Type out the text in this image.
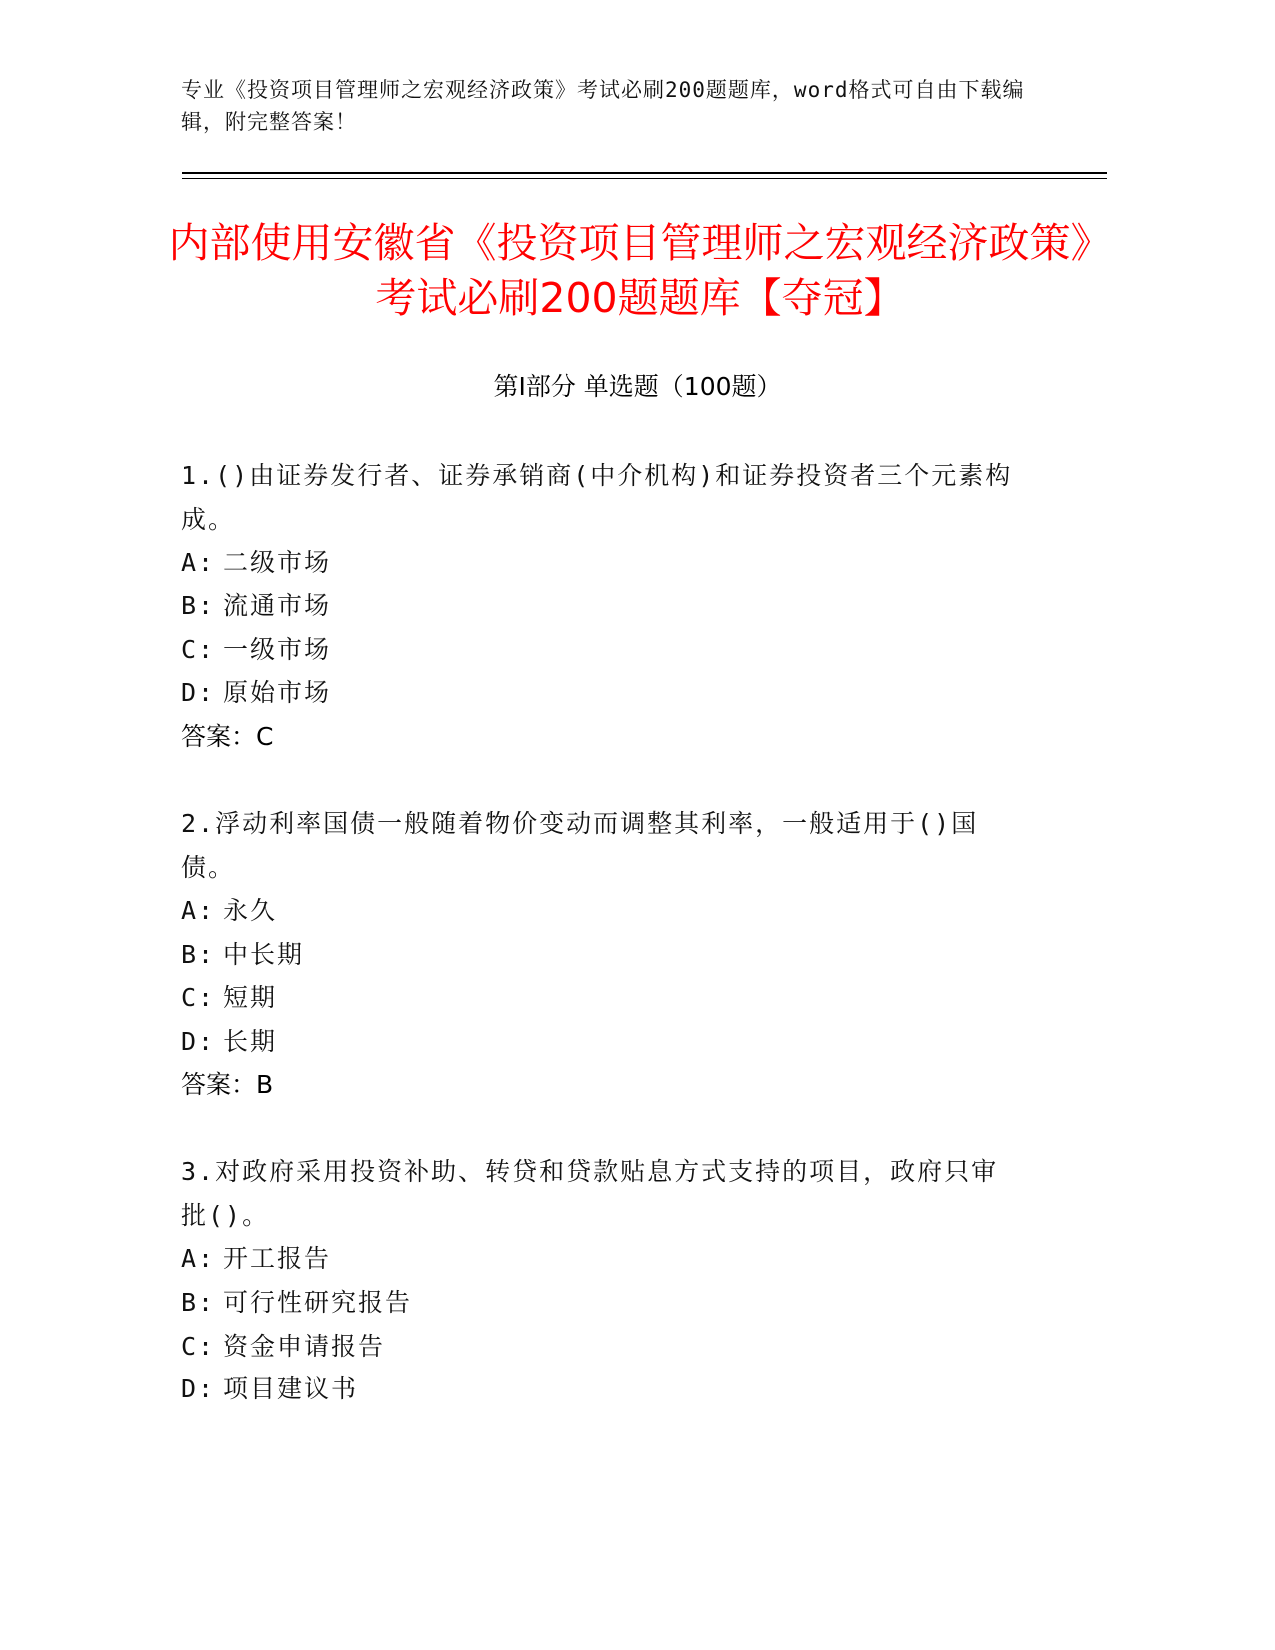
专业《投资项目管理师之宏观经济政策》考试必刷200题题库，word格式可自由下载编辑，附完整答案！
内部使用安徽省《投资项目管理师之宏观经济政策》考试必刷200题题库【夺冠】
第Ⅰ部分 单选题（100题）
1.()由证券发行者、证券承销商(中介机构)和证券投资者三个元素构成。
A: 二级市场
B: 流通市场
C: 一级市场
D: 原始市场
答案：C
2.浮动利率国债一般随着物价变动而调整其利率，一般适用于()国债。
A: 永久
B: 中长期
C: 短期
D: 长期
答案：B
3.对政府采用投资补助、转贷和贷款贴息方式支持的项目，政府只审批()。
A: 开工报告
B: 可行性研究报告
C: 资金申请报告
D: 项目建议书
